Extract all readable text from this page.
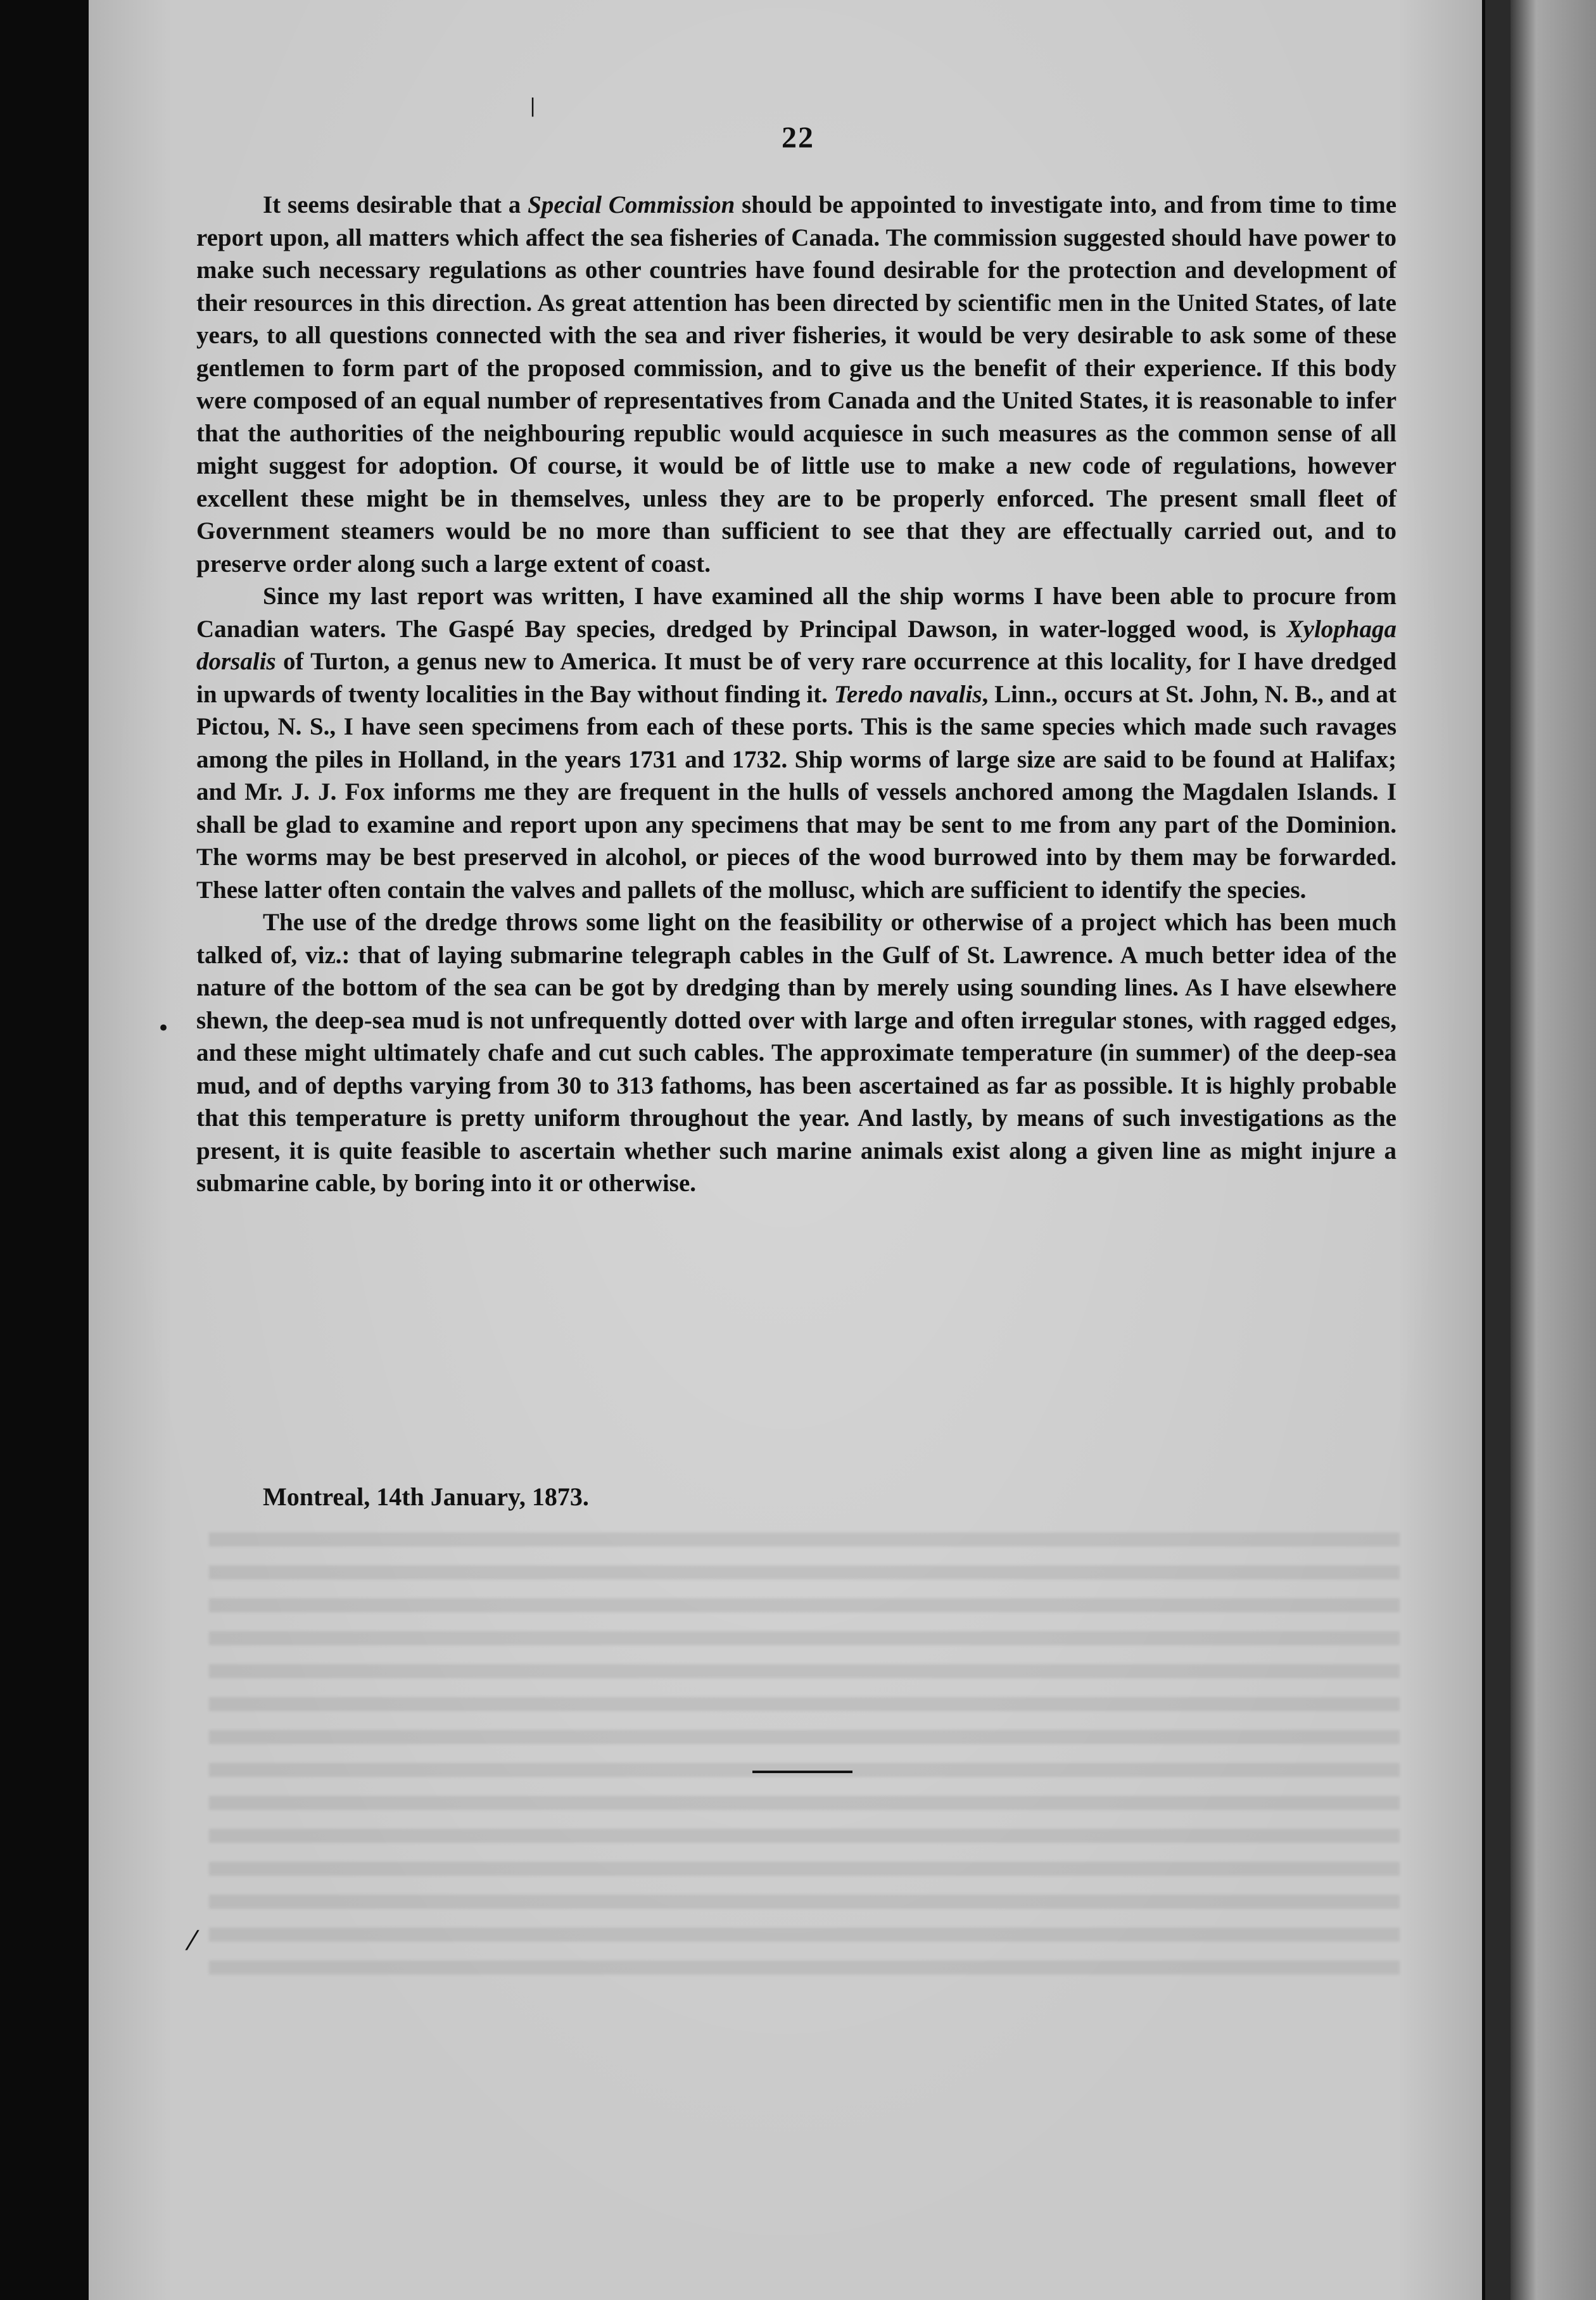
22

It seems desirable that a Special Commission should be appointed to investigate into, and from time to time report upon, all matters which affect the sea fisheries of Canada. The commission suggested should have power to make such necessary regulations as other countries have found desirable for the protection and development of their resources in this direction. As great attention has been directed by scientific men in the United States, of late years, to all questions connected with the sea and river fisheries, it would be very desirable to ask some of these gentlemen to form part of the proposed commission, and to give us the benefit of their experience. If this body were composed of an equal number of representatives from Canada and the United States, it is reasonable to infer that the authorities of the neighbouring republic would acquiesce in such measures as the common sense of all might suggest for adoption. Of course, it would be of little use to make a new code of regulations, however excellent these might be in themselves, unless they are to be properly enforced. The present small fleet of Government steamers would be no more than sufficient to see that they are effectually carried out, and to preserve order along such a large extent of coast.

Since my last report was written, I have examined all the ship worms I have been able to procure from Canadian waters. The Gaspé Bay species, dredged by Principal Dawson, in water-logged wood, is Xylophaga dorsalis of Turton, a genus new to America. It must be of very rare occurrence at this locality, for I have dredged in upwards of twenty localities in the Bay without finding it. Teredo navalis, Linn., occurs at St. John, N. B., and at Pictou, N. S., I have seen specimens from each of these ports. This is the same species which made such ravages among the piles in Holland, in the years 1731 and 1732. Ship worms of large size are said to be found at Halifax; and Mr. J. J. Fox informs me they are frequent in the hulls of vessels anchored among the Magdalen Islands. I shall be glad to examine and report upon any specimens that may be sent to me from any part of the Dominion. The worms may be best preserved in alcohol, or pieces of the wood burrowed into by them may be forwarded. These latter often contain the valves and pallets of the mollusc, which are sufficient to identify the species.

The use of the dredge throws some light on the feasibility or otherwise of a project which has been much talked of, viz.: that of laying submarine telegraph cables in the Gulf of St. Lawrence. A much better idea of the nature of the bottom of the sea can be got by dredging than by merely using sounding lines. As I have elsewhere shewn, the deep-sea mud is not unfrequently dotted over with large and often irregular stones, with ragged edges, and these might ultimately chafe and cut such cables. The approximate temperature (in summer) of the deep-sea mud, and of depths varying from 30 to 313 fathoms, has been ascertained as far as possible. It is highly probable that this temperature is pretty uniform throughout the year. And lastly, by means of such investigations as the present, it is quite feasible to ascertain whether such marine animals exist along a given line as might injure a submarine cable, by boring into it or otherwise.

Montreal, 14th January, 1873.
|
•
⁄
